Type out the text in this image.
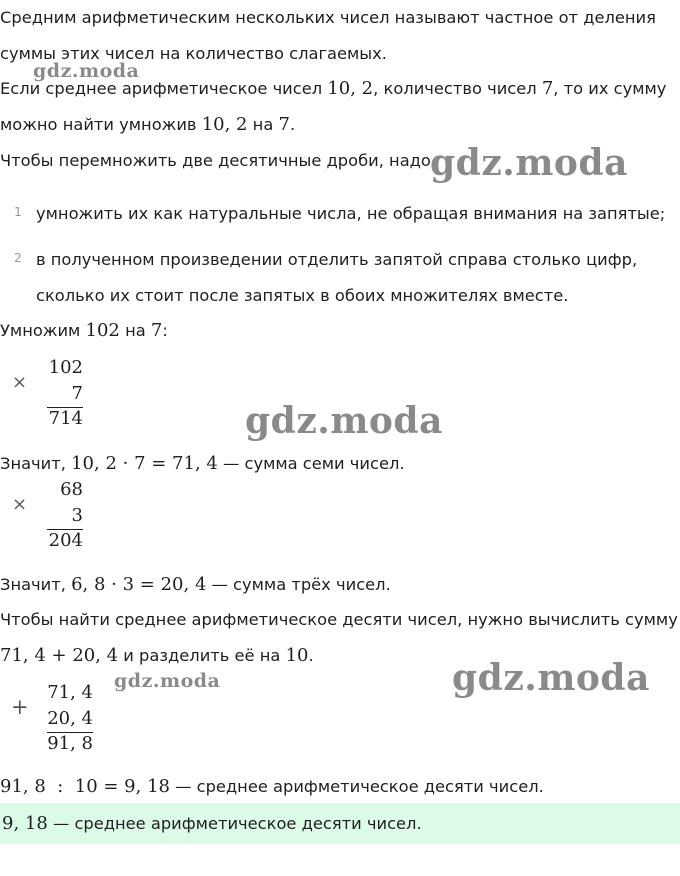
Средним арифметическим нескольких чисел называют частное от деления
суммы этих чисел на количество слагаемых.
Если среднее арифметическое чисел 10, 2, количество чисел 7, то их сумму
можно найти умножив 10, 2 на 7.
Чтобы перемножить две десятичные дроби, надо:
1 умножить их как натуральные числа, не обращая внимания на запятые;
2 в полученном произведении отделить запятой справа столько цифр,
сколько их стоит после запятых в обоих множителях вместе.
Умножим 102 на 7:
×
102
7
714
Значит, 10, 2 · 7 = 71, 4 — сумма семи чисел.
×
68
3
204
Значит, 6, 8 · 3 = 20, 4 — сумма трёх чисел.
Чтобы найти среднее арифметическое десяти чисел, нужно вычислить сумму
71, 4 + 20, 4 и разделить её на 10.
+
71, 4
20, 4
91, 8
91, 8  :  10 = 9, 18 — среднее арифметическое десяти чисел.
9, 18 — среднее арифметическое десяти чисел.
gdz.moda
gdz.moda
gdz.moda
gdz.moda	gdz.moda
